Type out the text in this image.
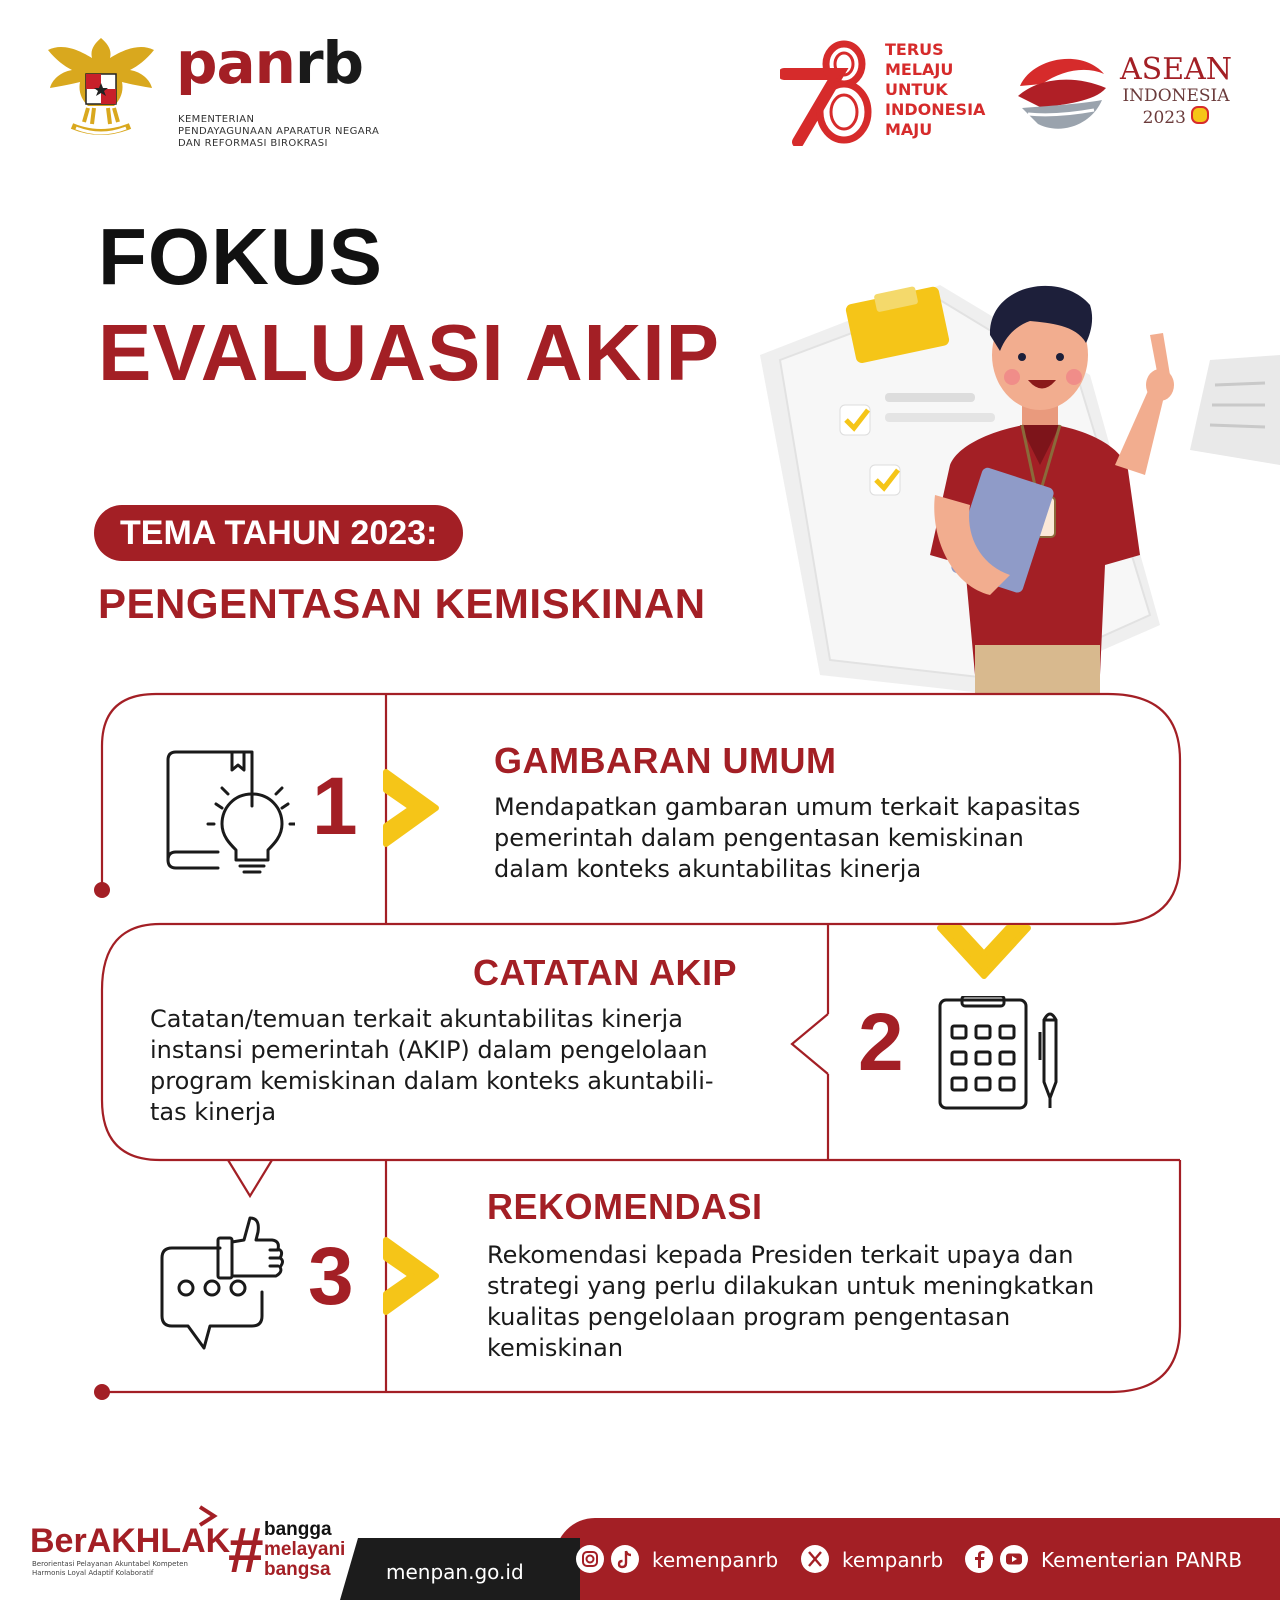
panrb
KEMENTERIAN
PENDAYAGUNAAN APARATUR NEGARA
DAN REFORMASI BIROKRASI
TERUS
MELAJU
UNTUK
INDONESIA
MAJU
ASEAN
INDONESIA
2023
FOKUS
EVALUASI AKIP
TEMA TAHUN 2023:
PENGENTASAN KEMISKINAN
1
GAMBARAN UMUM
Mendapatkan gambaran umum terkait kapasitas
pemerintah dalam pengentasan kemiskinan
dalam konteks akuntabilitas kinerja
CATATAN AKIP
Catatan/temuan terkait akuntabilitas kinerja
instansi pemerintah (AKIP) dalam pengelolaan
program kemiskinan dalam konteks akuntabili-
tas kinerja
2
3
REKOMENDASI
Rekomendasi kepada Presiden terkait upaya dan
strategi yang perlu dilakukan untuk meningkatkan
kualitas pengelolaan program pengentasan
kemiskinan
BerAKHLAK
Berorientasi Pelayanan Akuntabel Kompeten
Harmonis Loyal Adaptif Kolaboratif	# bangga
melayani
bangsa	menpan.go.id	kemenpanrb	kempanrb	Kementerian PANRB
